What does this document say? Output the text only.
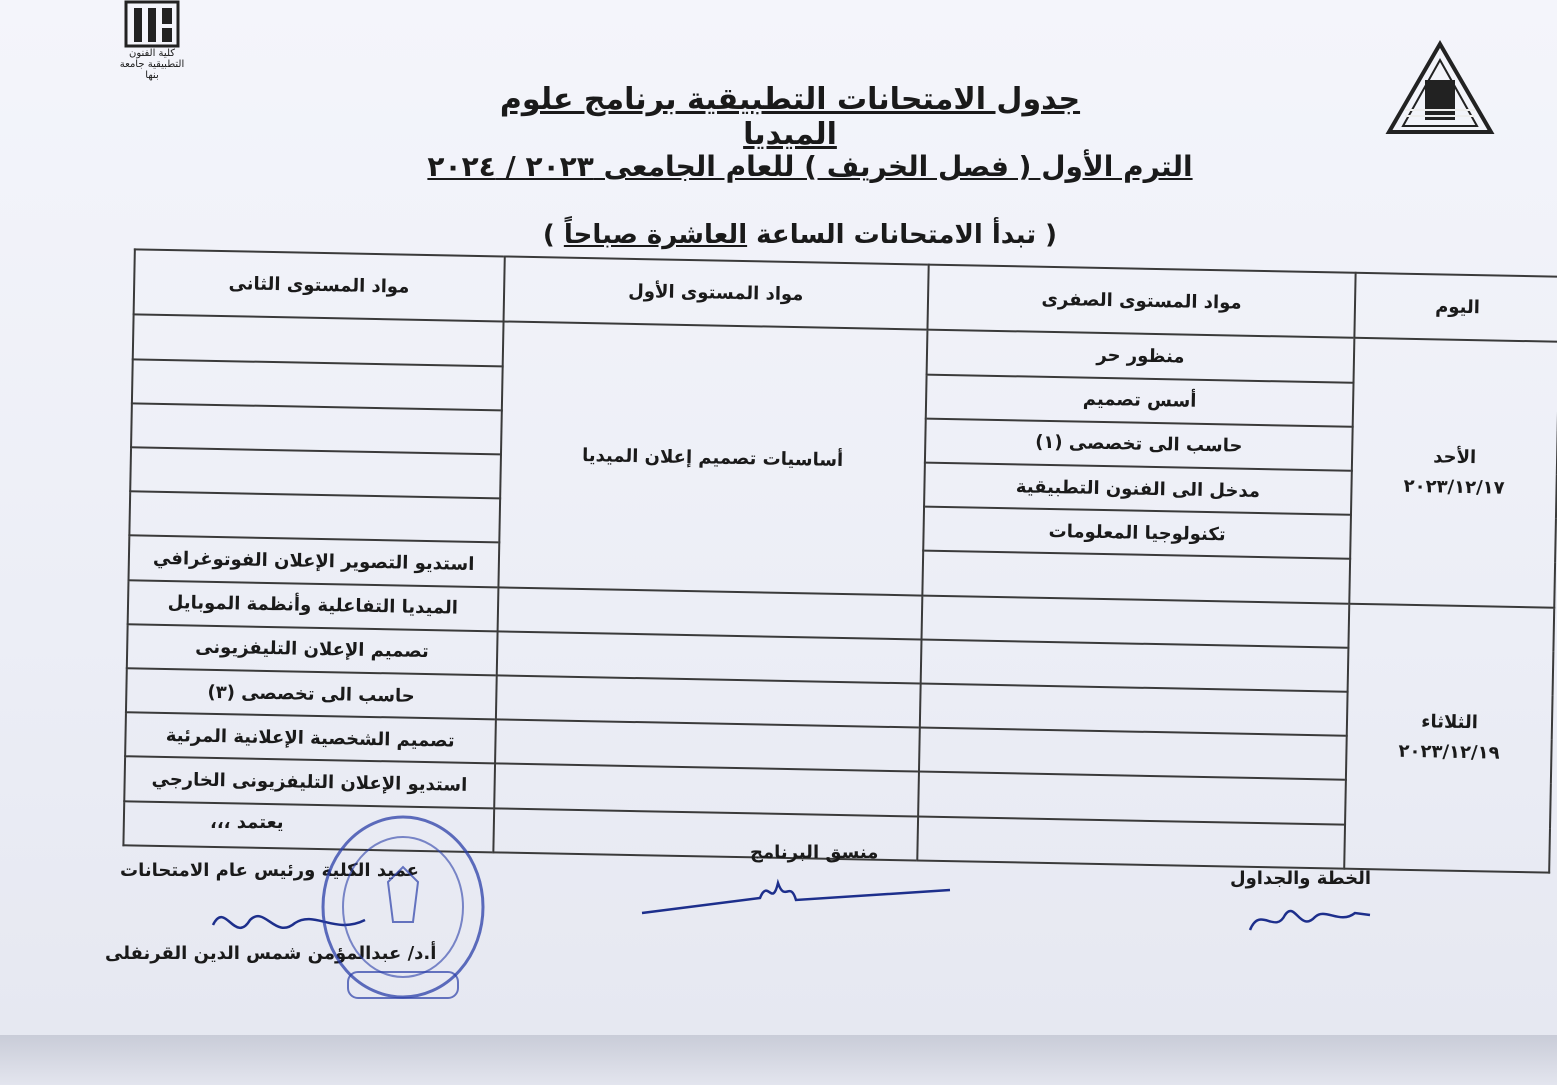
كلية الفنون التطبيقية جامعة بنها
جدول الامتحانات التطبيقية برنامج علوم الميديا
الترم الأول ( فصل الخريف ) للعام الجامعى ٢٠٢٣ / ٢٠٢٤
( تبدأ الامتحانات الساعة العاشرة صباحاً )
اليوم	مواد المستوى الصفرى	مواد المستوى الأول	مواد المستوى الثانى

الأحد
٢٠٢٣/١٢/١٧	منظور حر	أساسيات تصميم إعلان الميديا	
	أسس تصميم		
	حاسب الى تخصصى (١)		
	مدخل الى الفنون التطبيقية		
	تكنولوجيا المعلومات		
			استديو التصوير الإعلان الفوتوغرافي

الثلاثاء
٢٠٢٣/١٢/١٩			الميديا التفاعلية وأنظمة الموبايل
			تصميم الإعلان التليفزيونى
			حاسب الى تخصصى (٣)
			تصميم الشخصية الإعلانية المرئية
			استديو الإعلان التليفزيونى الخارجي

الخطة والجداول
منسق البرنامج
يعتمد ،،،
عميد الكلية ورئيس عام الامتحانات
أ.د/ عبدالمؤمن شمس الدين القرنفلى
